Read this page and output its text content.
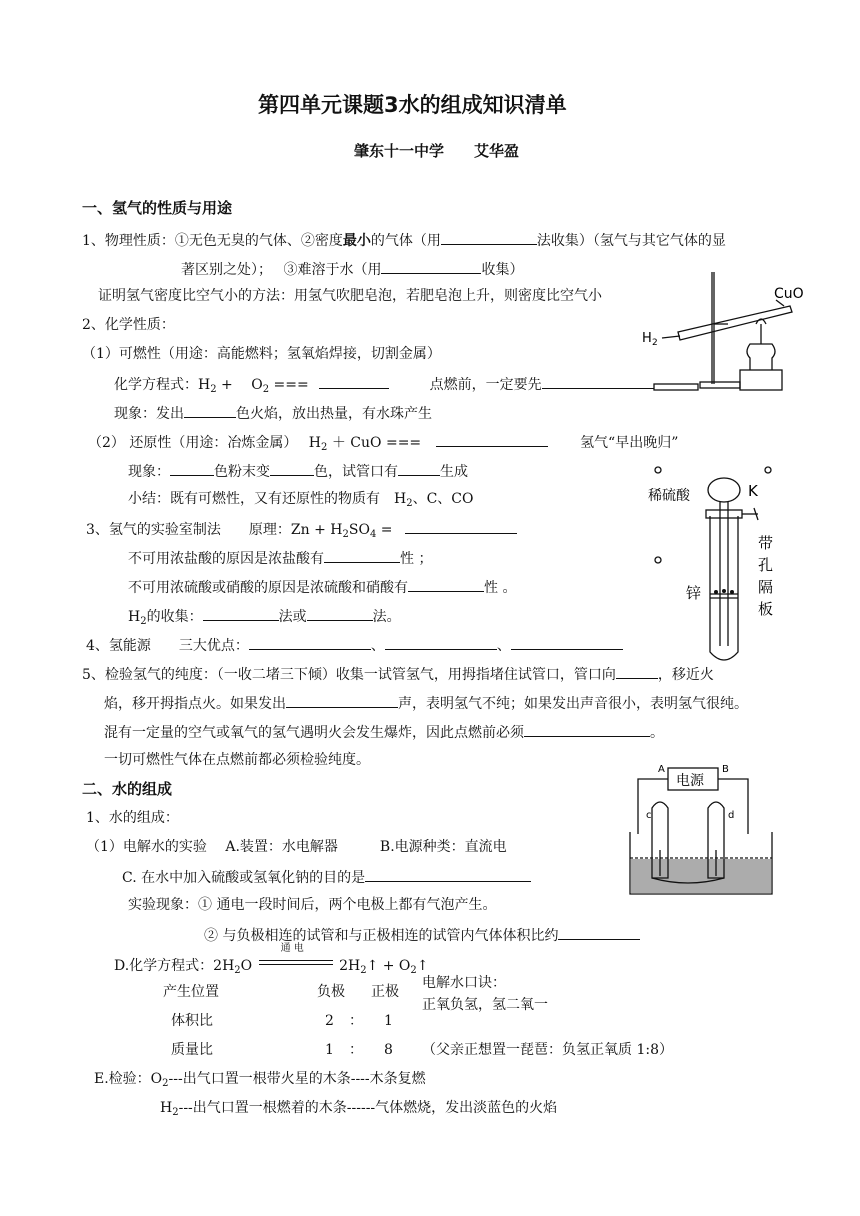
第四单元课题3水的组成知识清单
肇东十一中学　　艾华盈
一、氢气的性质与用途
1、物理性质：①无色无臭的气体、②密度最小的气体（用	法收集）（氢气与其它气体的显
著区别之处）；　 ③难溶于水（用	收集）
证明氢气密度比空气小的方法：用氢气吹肥皂泡，若肥皂泡上升，则密度比空气小
2、化学性质：
（1）可燃性（用途：高能燃料；氢氧焰焊接，切割金属）
化学方程式：$H_2$ + 　$O_2$ ===	点燃前，一定要先
现象：发出	色火焰，放出热量，有水珠产生
（2） 还原性（用途：冶炼金属）　 $H_2$ ＋ CuO ===	氢气“早出晚归”
现象：	色粉末变	色，试管口有	生成
小结：既有可燃性，又有还原性的物质有　$H_2$、C、CO
3、氢气的实验室制法　　原理：$Zn + H_2SO_4$ =
不可用浓盐酸的原因是浓盐酸有	性 ；
不可用浓硫酸或硝酸的原因是浓硫酸和硝酸有	性 。
$H_2$的收集：	法或	法。
4、氢能源　　三大优点：	、	、
5、检验氢气的纯度：（一收二堵三下倾）收集一试管氢气，用拇指堵住试管口，管口向	，移近火
焰，移开拇指点火。如果发出	声，表明氢气不纯；如果发出声音很小，表明氢气很纯。
混有一定量的空气或氧气的氢气遇明火会发生爆炸，因此点燃前必须	。
一切可燃性气体在点燃前都必须检验纯度。
二、水的组成
1、水的组成：
（1）电解水的实验　 A.装置：水电解器　　　B.电源种类：直流电
C. 在水中加入硫酸或氢氧化钠的目的是
实验现象：① 通电一段时间后，两个电极上都有气泡产生。
② 与负极相连的试管和与正极相连的试管内气体体积比约
D.化学方程式：$2H_2O$
通 电
$2H_2↑$ + $O_2↑$
产生位置	负极 正极
体积比	2 ： 1
质量比	1 ： 8
电解水口诀：
正氧负氢，氢二氧一
（父亲正想置一琵琶：负氢正氧质 1:8）
E.检验：$O_2---$出气口置一根带火星的木条----木条复燃
$H_2---$出气口置一根燃着的木条------气体燃烧，发出淡蓝色的火焰
H 2
CuO
稀硫酸	K
锌
带
孔
隔
板
电源
A	B
c	d
